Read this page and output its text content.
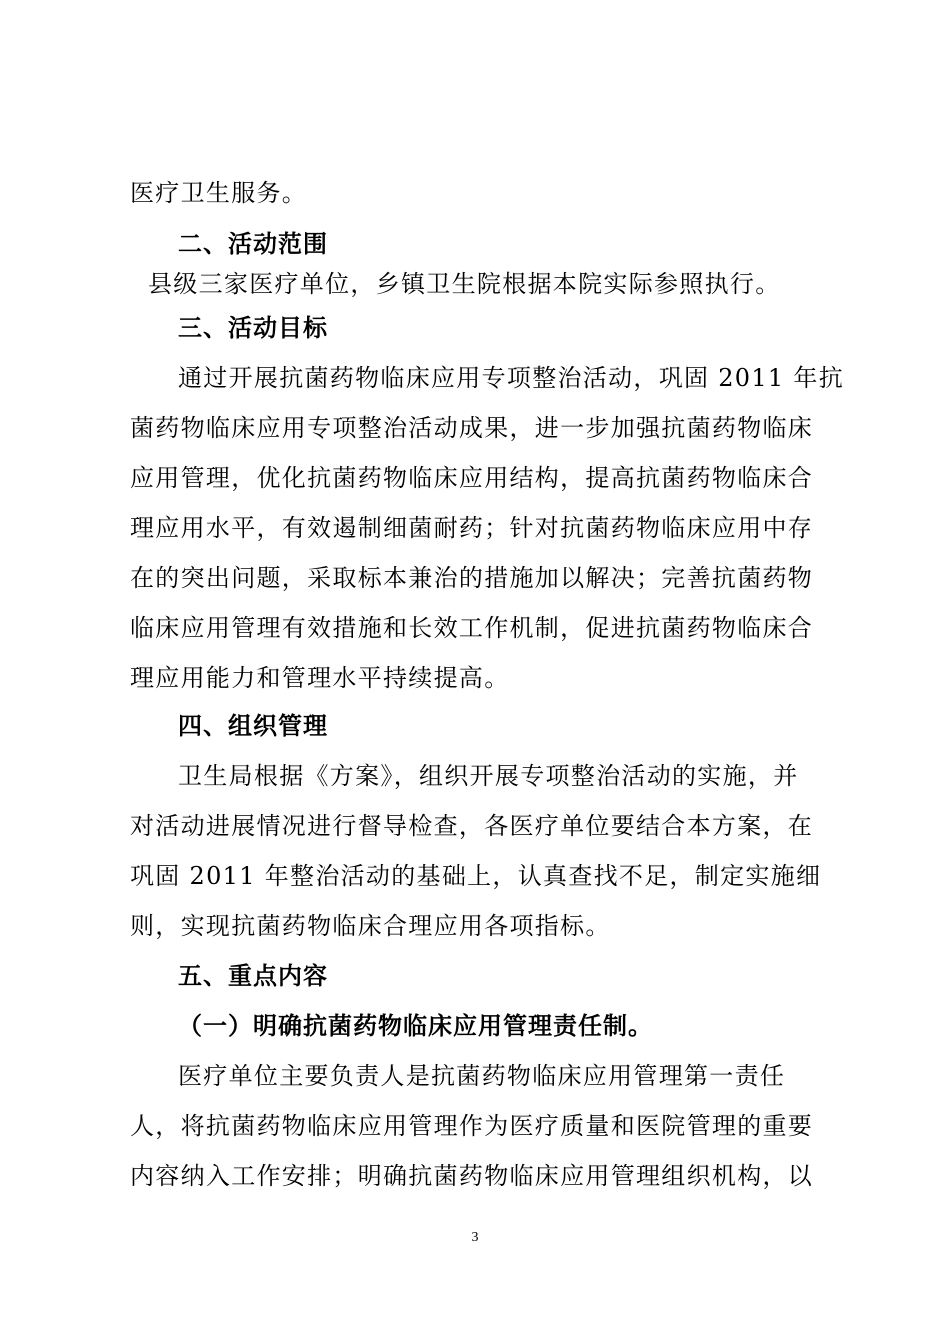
医疗卫生服务。
二、活动范围
县级三家医疗单位，乡镇卫生院根据本院实际参照执行。
三、活动目标
通过开展抗菌药物临床应用专项整治活动，巩固 2011 年抗
菌药物临床应用专项整治活动成果，进一步加强抗菌药物临床
应用管理，优化抗菌药物临床应用结构，提高抗菌药物临床合
理应用水平，有效遏制细菌耐药；针对抗菌药物临床应用中存
在的突出问题，采取标本兼治的措施加以解决；完善抗菌药物
临床应用管理有效措施和长效工作机制，促进抗菌药物临床合
理应用能力和管理水平持续提高。
四、组织管理
卫生局根据《方案》，组织开展专项整治活动的实施，并
对活动进展情况进行督导检查，各医疗单位要结合本方案，在
巩固 2011 年整治活动的基础上，认真查找不足，制定实施细
则，实现抗菌药物临床合理应用各项指标。
五、重点内容
（一）明确抗菌药物临床应用管理责任制。
医疗单位主要负责人是抗菌药物临床应用管理第一责任
人，将抗菌药物临床应用管理作为医疗质量和医院管理的重要
内容纳入工作安排；明确抗菌药物临床应用管理组织机构，以
3
